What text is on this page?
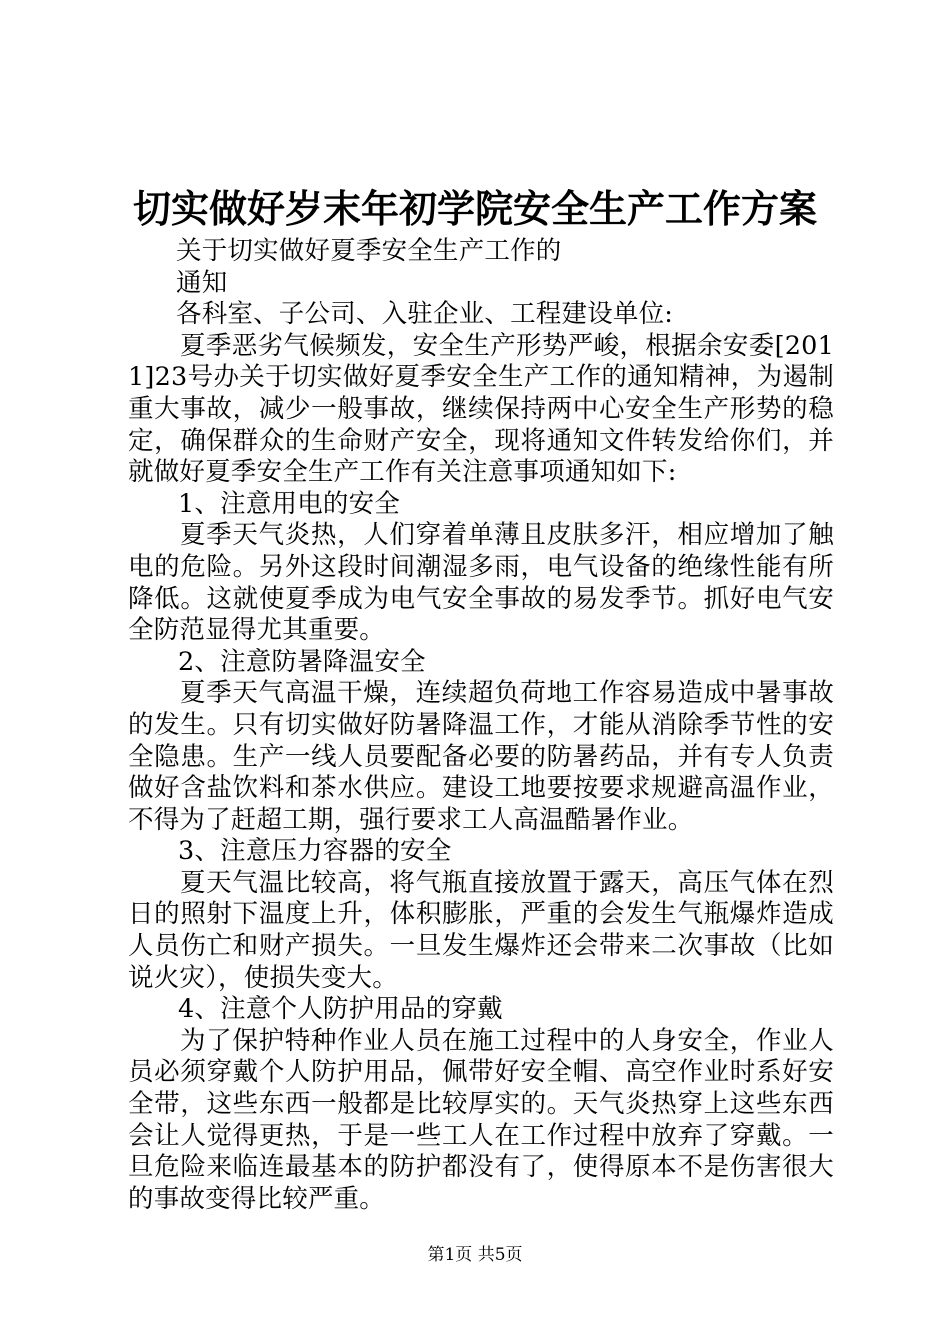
切实做好岁末年初学院安全生产工作方案

关于切实做好夏季安全生产工作的

通知

各科室、子公司、入驻企业、工程建设单位:

夏季恶劣气候频发，安全生产形势严峻，根据余安委[2011]23号办关于切实做好夏季安全生产工作的通知精神，为遏制重大事故，减少一般事故，继续保持两中心安全生产形势的稳定，确保群众的生命财产安全，现将通知文件转发给你们，并就做好夏季安全生产工作有关注意事项通知如下:

1、注意用电的安全

夏季天气炎热，人们穿着单薄且皮肤多汗，相应增加了触电的危险。另外这段时间潮湿多雨，电气设备的绝缘性能有所降低。这就使夏季成为电气安全事故的易发季节。抓好电气安全防范显得尤其重要。

2、注意防暑降温安全

夏季天气高温干燥，连续超负荷地工作容易造成中暑事故的发生。只有切实做好防暑降温工作，才能从消除季节性的安全隐患。生产一线人员要配备必要的防暑药品，并有专人负责做好含盐饮料和茶水供应。建设工地要按要求规避高温作业，不得为了赶超工期，强行要求工人高温酷暑作业。

3、注意压力容器的安全

夏天气温比较高，将气瓶直接放置于露天，高压气体在烈日的照射下温度上升，体积膨胀，严重的会发生气瓶爆炸造成人员伤亡和财产损失。一旦发生爆炸还会带来二次事故（比如说火灾），使损失变大。

4、注意个人防护用品的穿戴

为了保护特种作业人员在施工过程中的人身安全，作业人员必须穿戴个人防护用品，佩带好安全帽、高空作业时系好安全带，这些东西一般都是比较厚实的。天气炎热穿上这些东西会让人觉得更热，于是一些工人在工作过程中放弃了穿戴。一旦危险来临连最基本的防护都没有了，使得原本不是伤害很大的事故变得比较严重。

第1页 共5页
